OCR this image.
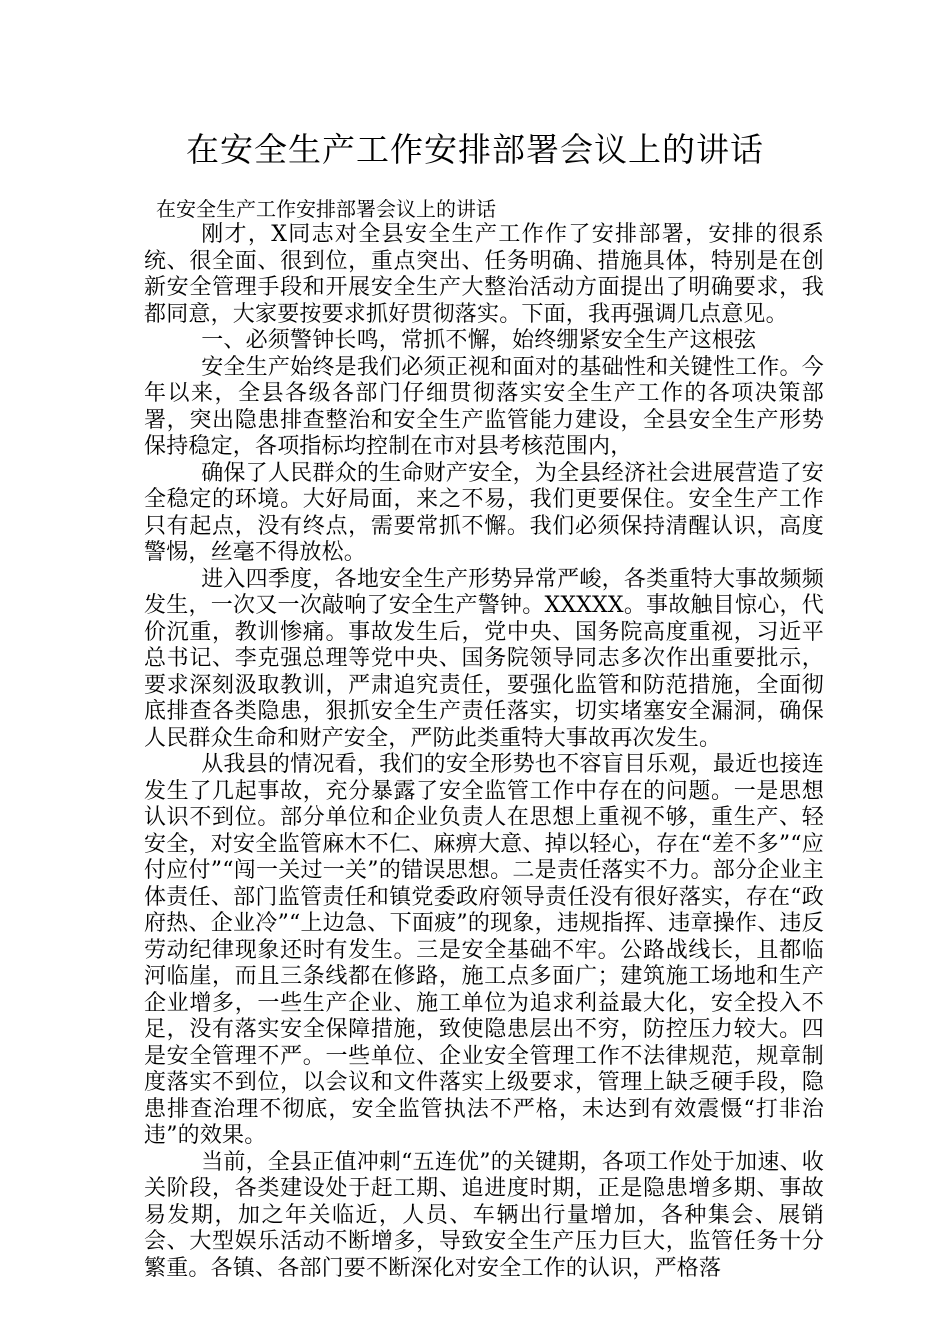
在安全生产工作安排部署会议上的讲话

在安全生产工作安排部署会议上的讲话

刚才，X同志对全县安全生产工作作了安排部署，安排的很系统、很全面、很到位，重点突出、任务明确、措施具体，特别是在创新安全管理手段和开展安全生产大整治活动方面提出了明确要求，我都同意，大家要按要求抓好贯彻落实。下面，我再强调几点意见。

一、必须警钟长鸣，常抓不懈，始终绷紧安全生产这根弦

安全生产始终是我们必须正视和面对的基础性和关键性工作。今年以来，全县各级各部门仔细贯彻落实安全生产工作的各项决策部署，突出隐患排查整治和安全生产监管能力建设，全县安全生产形势保持稳定，各项指标均控制在市对县考核范围内，

确保了人民群众的生命财产安全，为全县经济社会进展营造了安全稳定的环境。大好局面，来之不易，我们更要保住。安全生产工作只有起点，没有终点，需要常抓不懈。我们必须保持清醒认识，高度警惕，丝毫不得放松。

进入四季度，各地安全生产形势异常严峻，各类重特大事故频频发生，一次又一次敲响了安全生产警钟。XXXXX。事故触目惊心，代价沉重，教训惨痛。事故发生后，党中央、国务院高度重视，习近平总书记、李克强总理等党中央、国务院领导同志多次作出重要批示，要求深刻汲取教训，严肃追究责任，要强化监管和防范措施，全面彻底排查各类隐患，狠抓安全生产责任落实，切实堵塞安全漏洞，确保人民群众生命和财产安全，严防此类重特大事故再次发生。

从我县的情况看，我们的安全形势也不容盲目乐观，最近也接连发生了几起事故，充分暴露了安全监管工作中存在的问题。一是思想认识不到位。部分单位和企业负责人在思想上重视不够，重生产、轻安全，对安全监管麻木不仁、麻痹大意、掉以轻心，存在“差不多”“应付应付”“闯一关过一关”的错误思想。二是责任落实不力。部分企业主体责任、部门监管责任和镇党委政府领导责任没有很好落实，存在“政府热、企业冷”“上边急、下面疲”的现象，违规指挥、违章操作、违反劳动纪律现象还时有发生。三是安全基础不牢。公路战线长，且都临河临崖，而且三条线都在修路，施工点多面广；建筑施工场地和生产企业增多，一些生产企业、施工单位为追求利益最大化，安全投入不足，没有落实安全保障措施，致使隐患层出不穷，防控压力较大。四是安全管理不严。一些单位、企业安全管理工作不法律规范，规章制度落实不到位，以会议和文件落实上级要求，管理上缺乏硬手段，隐患排查治理不彻底，安全监管执法不严格，未达到有效震慑“打非治违”的效果。

当前，全县正值冲刺“五连优”的关键期，各项工作处于加速、收关阶段，各类建设处于赶工期、追进度时期，正是隐患增多期、事故易发期，加之年关临近，人员、车辆出行量增加，各种集会、展销会、大型娱乐活动不断增多，导致安全生产压力巨大，监管任务十分繁重。各镇、各部门要不断深化对安全工作的认识，严格落
